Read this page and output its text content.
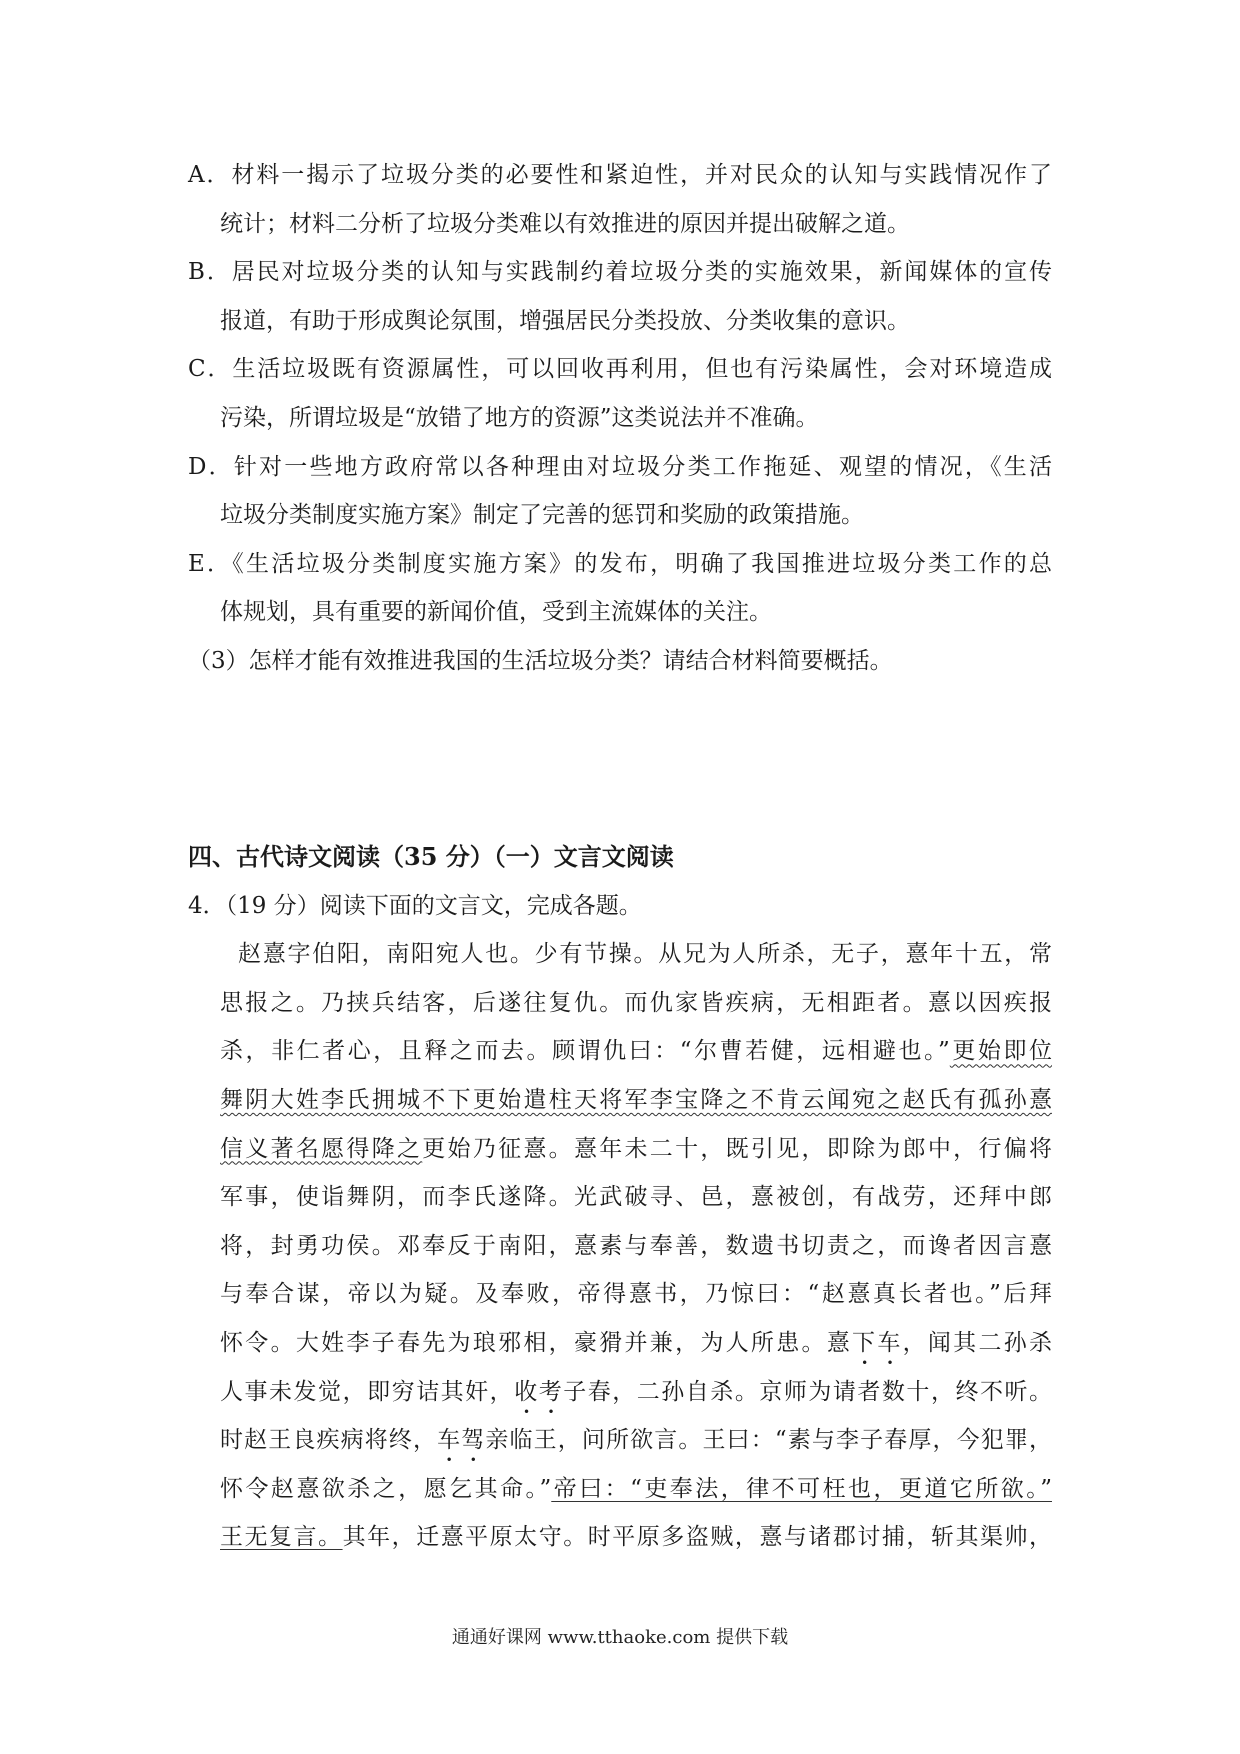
A．材料一揭示了垃圾分类的必要性和紧迫性，并对民众的认知与实践情况作了
统计；材料二分析了垃圾分类难以有效推进的原因并提出破解之道。
B．居民对垃圾分类的认知与实践制约着垃圾分类的实施效果，新闻媒体的宣传
报道，有助于形成舆论氛围，增强居民分类投放、分类收集的意识。
C．生活垃圾既有资源属性，可以回收再利用，但也有污染属性，会对环境造成
污染，所谓垃圾是“放错了地方的资源”这类说法并不准确。
D．针对一些地方政府常以各种理由对垃圾分类工作拖延、观望的情况，《生活
垃圾分类制度实施方案》制定了完善的惩罚和奖励的政策措施。
E．《生活垃圾分类制度实施方案》的发布，明确了我国推进垃圾分类工作的总
体规划，具有重要的新闻价值，受到主流媒体的关注。
（3）怎样才能有效推进我国的生活垃圾分类？请结合材料简要概括。
四、古代诗文阅读（35 分）（一）文言文阅读
4．（19 分）阅读下面的文言文，完成各题。
赵憙字伯阳，南阳宛人也。少有节操。从兄为人所杀，无子，憙年十五，常
思报之。乃挟兵结客，后遂往复仇。而仇家皆疾病，无相距者。憙以因疾报
杀，非仁者心，且释之而去。顾谓仇曰：“尔曹若健，远相避也。”更始即位
舞阴大姓李氏拥城不下更始遣柱天将军李宝降之不肯云闻宛之赵氏有孤孙憙
信义著名愿得降之更始乃征憙。憙年未二十，既引见，即除为郎中，行偏将
军事，使诣舞阴，而李氏遂降。光武破寻、邑，憙被创，有战劳，还拜中郎
将，封勇功侯。邓奉反于南阳，憙素与奉善，数遗书切责之，而谗者因言憙
与奉合谋，帝以为疑。及奉败，帝得憙书，乃惊曰：“赵憙真长者也。”后拜
怀令。大姓李子春先为琅邪相，豪猾并兼，为人所患。憙下车，闻其二孙杀
人事未发觉，即穷诘其奸，收考子春，二孙自杀。京师为请者数十，终不听。
时赵王良疾病将终，车驾亲临王，问所欲言。王曰：“素与李子春厚，今犯罪，
怀令赵憙欲杀之，愿乞其命。”帝曰：“吏奉法，律不可枉也，更道它所欲。”
王无复言。其年，迁憙平原太守。时平原多盗贼，憙与诸郡讨捕，斩其渠帅，
通通好课网 www.tthaoke.com 提供下载
